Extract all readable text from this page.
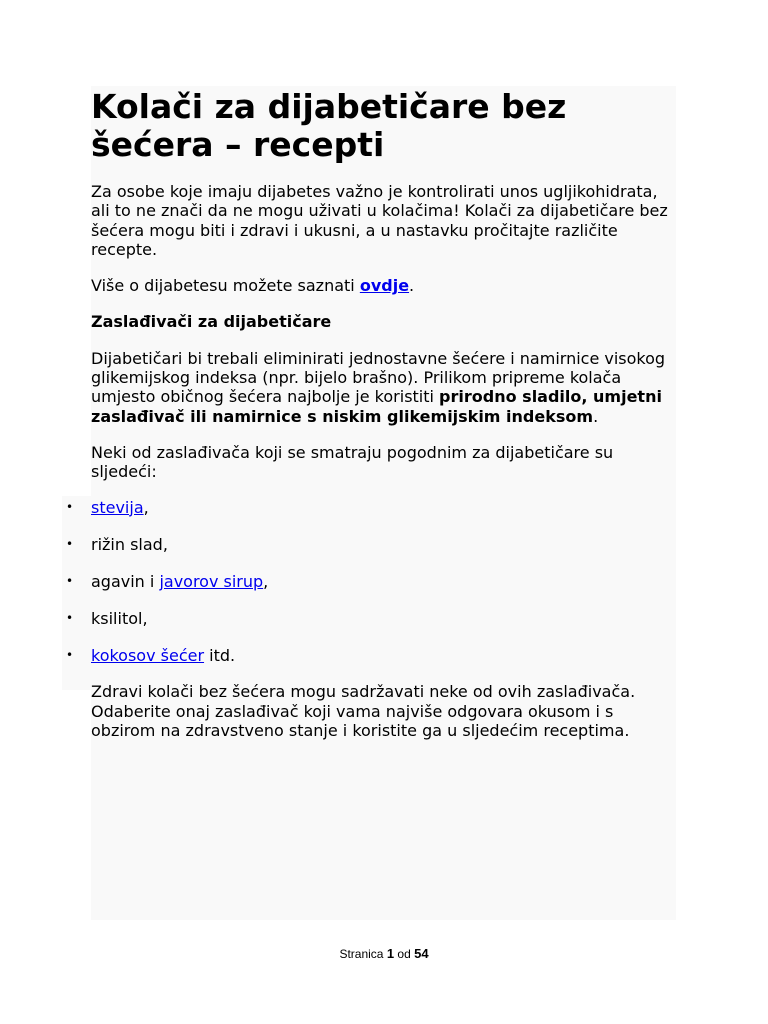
Kolači za dijabetičare bez šećera – recepti

Za osobe koje imaju dijabetes važno je kontrolirati unos ugljikohidrata, ali to ne znači da ne mogu uživati u kolačima! Kolači za dijabetičare bez šećera mogu biti i zdravi i ukusni, a u nastavku pročitajte različite recepte.

Više o dijabetesu možete saznati ovdje.

Zaslađivači za dijabetičare

Dijabetičari bi trebali eliminirati jednostavne šećere i namirnice visokog glikemijskog indeksa (npr. bijelo brašno). Prilikom pripreme kolača umjesto običnog šećera najbolje je koristiti prirodno sladilo, umjetni zaslađivač ili namirnice s niskim glikemijskim indeksom.

Neki od zaslađivača koji se smatraju pogodnim za dijabetičare su sljedeći:

• stevija,
• rižin slad,
• agavin i javorov sirup,
• ksilitol,
• kokosov šećer itd.

Zdravi kolači bez šećera mogu sadržavati neke od ovih zaslađivača. Odaberite onaj zaslađivač koji vama najviše odgovara okusom i s obzirom na zdravstveno stanje i koristite ga u sljedećim receptima.

Stranica 1 od 54
